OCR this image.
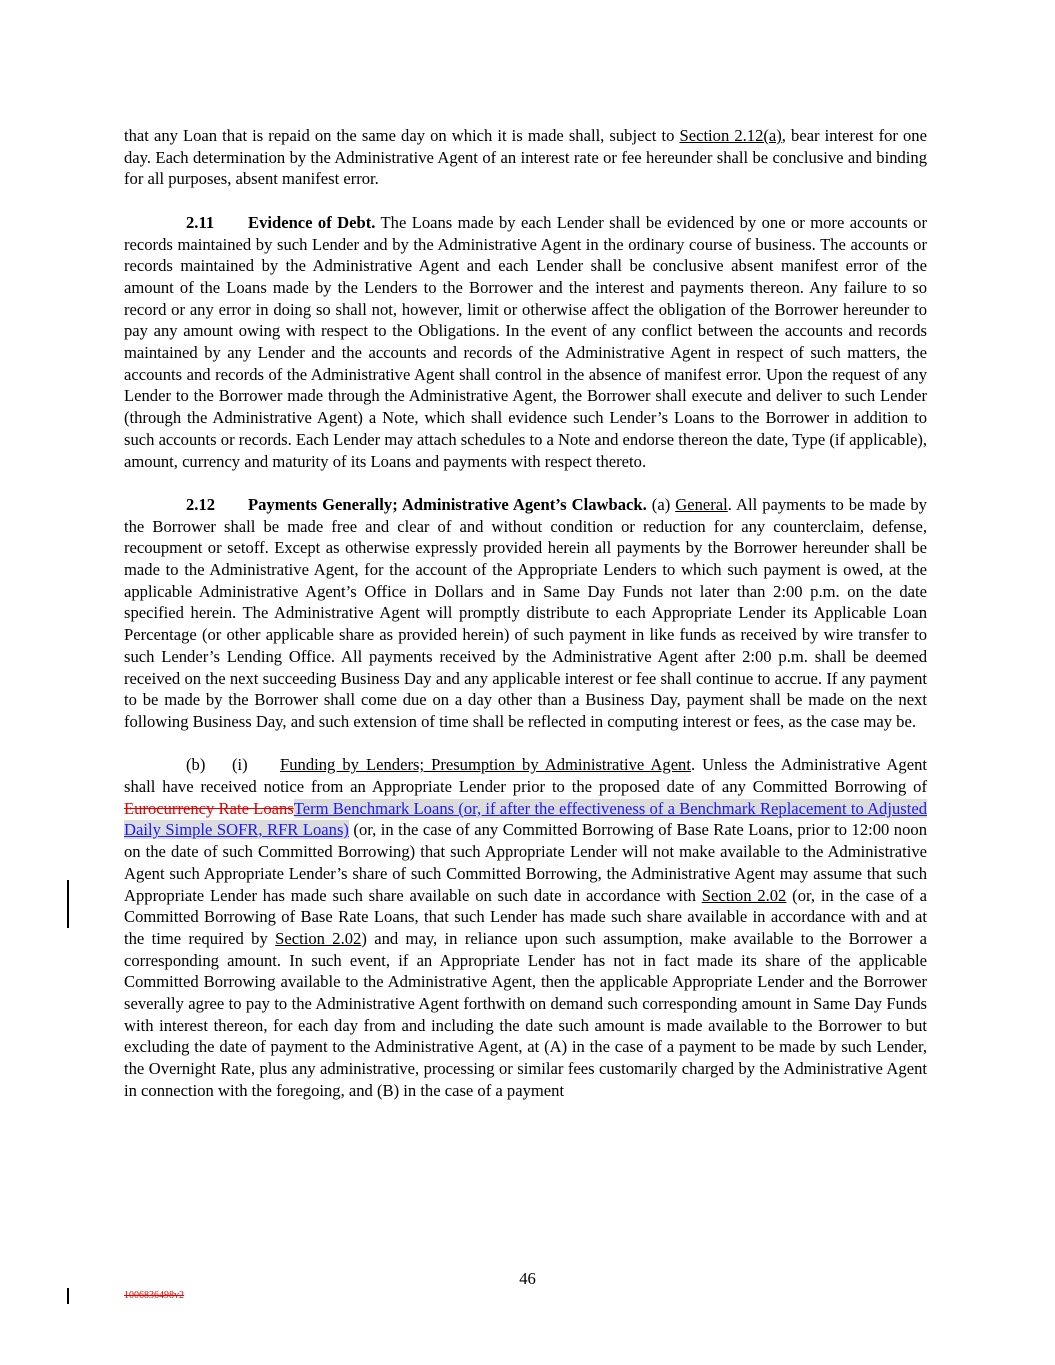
that any Loan that is repaid on the same day on which it is made shall, subject to Section 2.12(a), bear interest for one day. Each determination by the Administrative Agent of an interest rate or fee hereunder shall be conclusive and binding for all purposes, absent manifest error.

2.11 Evidence of Debt. The Loans made by each Lender shall be evidenced by one or more accounts or records maintained by such Lender and by the Administrative Agent in the ordinary course of business. The accounts or records maintained by the Administrative Agent and each Lender shall be conclusive absent manifest error of the amount of the Loans made by the Lenders to the Borrower and the interest and payments thereon. Any failure to so record or any error in doing so shall not, however, limit or otherwise affect the obligation of the Borrower hereunder to pay any amount owing with respect to the Obligations. In the event of any conflict between the accounts and records maintained by any Lender and the accounts and records of the Administrative Agent in respect of such matters, the accounts and records of the Administrative Agent shall control in the absence of manifest error. Upon the request of any Lender to the Borrower made through the Administrative Agent, the Borrower shall execute and deliver to such Lender (through the Administrative Agent) a Note, which shall evidence such Lender’s Loans to the Borrower in addition to such accounts or records. Each Lender may attach schedules to a Note and endorse thereon the date, Type (if applicable), amount, currency and maturity of its Loans and payments with respect thereto.

2.12 Payments Generally; Administrative Agent’s Clawback. (a) General. All payments to be made by the Borrower shall be made free and clear of and without condition or reduction for any counterclaim, defense, recoupment or setoff. Except as otherwise expressly provided herein all payments by the Borrower hereunder shall be made to the Administrative Agent, for the account of the Appropriate Lenders to which such payment is owed, at the applicable Administrative Agent’s Office in Dollars and in Same Day Funds not later than 2:00 p.m. on the date specified herein. The Administrative Agent will promptly distribute to each Appropriate Lender its Applicable Loan Percentage (or other applicable share as provided herein) of such payment in like funds as received by wire transfer to such Lender’s Lending Office. All payments received by the Administrative Agent after 2:00 p.m. shall be deemed received on the next succeeding Business Day and any applicable interest or fee shall continue to accrue. If any payment to be made by the Borrower shall come due on a day other than a Business Day, payment shall be made on the next following Business Day, and such extension of time shall be reflected in computing interest or fees, as the case may be.

(b) (i) Funding by Lenders; Presumption by Administrative Agent. Unless the Administrative Agent shall have received notice from an Appropriate Lender prior to the proposed date of any Committed Borrowing of Eurocurrency Rate LoansTerm Benchmark Loans (or, if after the effectiveness of a Benchmark Replacement to Adjusted Daily Simple SOFR, RFR Loans) (or, in the case of any Committed Borrowing of Base Rate Loans, prior to 12:00 noon on the date of such Committed Borrowing) that such Appropriate Lender will not make available to the Administrative Agent such Appropriate Lender’s share of such Committed Borrowing, the Administrative Agent may assume that such Appropriate Lender has made such share available on such date in accordance with Section 2.02 (or, in the case of a Committed Borrowing of Base Rate Loans, that such Lender has made such share available in accordance with and at the time required by Section 2.02) and may, in reliance upon such assumption, make available to the Borrower a corresponding amount. In such event, if an Appropriate Lender has not in fact made its share of the applicable Committed Borrowing available to the Administrative Agent, then the applicable Appropriate Lender and the Borrower severally agree to pay to the Administrative Agent forthwith on demand such corresponding amount in Same Day Funds with interest thereon, for each day from and including the date such amount is made available to the Borrower to but excluding the date of payment to the Administrative Agent, at (A) in the case of a payment to be made by such Lender, the Overnight Rate, plus any administrative, processing or similar fees customarily charged by the Administrative Agent in connection with the foregoing, and (B) in the case of a payment

46
1006836498v2
